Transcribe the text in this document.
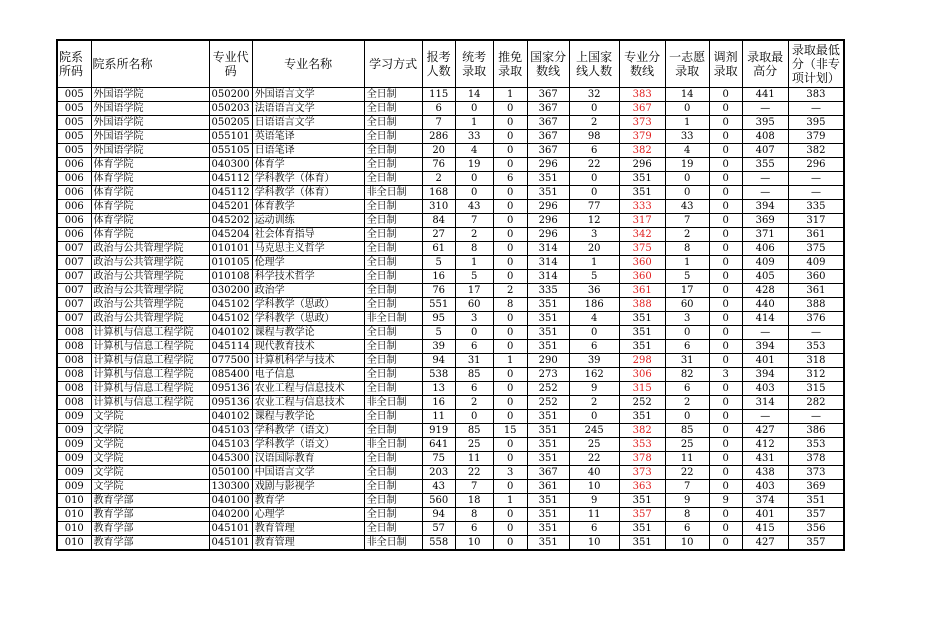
院系所码	院系所名称	专业代码	专业名称	学习方式	报考人数	统考录取	推免录取	国家分数线	上国家线人数	专业分数线	一志愿录取	调剂录取	录取最高分	录取最低分（非专项计划）
005	外国语学院	050200	外国语言文学	全日制	115	14	1	367	32	383	14	0	441	383
005	外国语学院	050203	法语语言文学	全日制	6	0	0	367	0	367	0	0	—	—
005	外国语学院	050205	日语语言文学	全日制	7	1	0	367	2	373	1	0	395	395
005	外国语学院	055101	英语笔译	全日制	286	33	0	367	98	379	33	0	408	379
005	外国语学院	055105	日语笔译	全日制	20	4	0	367	6	382	4	0	407	382
006	体育学院	040300	体育学	全日制	76	19	0	296	22	296	19	0	355	296
006	体育学院	045112	学科教学（体育）	全日制	2	0	6	351	0	351	0	0	—	—
006	体育学院	045112	学科教学（体育）	非全日制	168	0	0	351	0	351	0	0	—	—
006	体育学院	045201	体育教学	全日制	310	43	0	296	77	333	43	0	394	335
006	体育学院	045202	运动训练	全日制	84	7	0	296	12	317	7	0	369	317
006	体育学院	045204	社会体育指导	全日制	27	2	0	296	3	342	2	0	371	361
007	政治与公共管理学院	010101	马克思主义哲学	全日制	61	8	0	314	20	375	8	0	406	375
007	政治与公共管理学院	010105	伦理学	全日制	5	1	0	314	1	360	1	0	409	409
007	政治与公共管理学院	010108	科学技术哲学	全日制	16	5	0	314	5	360	5	0	405	360
007	政治与公共管理学院	030200	政治学	全日制	76	17	2	335	36	361	17	0	428	361
007	政治与公共管理学院	045102	学科教学（思政）	全日制	551	60	8	351	186	388	60	0	440	388
007	政治与公共管理学院	045102	学科教学（思政）	非全日制	95	3	0	351	4	351	3	0	414	376
008	计算机与信息工程学院	040102	课程与教学论	全日制	5	0	0	351	0	351	0	0	—	—
008	计算机与信息工程学院	045114	现代教育技术	全日制	39	6	0	351	6	351	6	0	394	353
008	计算机与信息工程学院	077500	计算机科学与技术	全日制	94	31	1	290	39	298	31	0	401	318
008	计算机与信息工程学院	085400	电子信息	全日制	538	85	0	273	162	306	82	3	394	312
008	计算机与信息工程学院	095136	农业工程与信息技术	全日制	13	6	0	252	9	315	6	0	403	315
008	计算机与信息工程学院	095136	农业工程与信息技术	非全日制	16	2	0	252	2	252	2	0	314	282
009	文学院	040102	课程与教学论	全日制	11	0	0	351	0	351	0	0	—	—
009	文学院	045103	学科教学（语文）	全日制	919	85	15	351	245	382	85	0	427	386
009	文学院	045103	学科教学（语文）	非全日制	641	25	0	351	25	353	25	0	412	353
009	文学院	045300	汉语国际教育	全日制	75	11	0	351	22	378	11	0	431	378
009	文学院	050100	中国语言文学	全日制	203	22	3	367	40	373	22	0	438	373
009	文学院	130300	戏剧与影视学	全日制	43	7	0	361	10	363	7	0	403	369
010	教育学部	040100	教育学	全日制	560	18	1	351	9	351	9	9	374	351
010	教育学部	040200	心理学	全日制	94	8	0	351	11	357	8	0	401	357
010	教育学部	045101	教育管理	全日制	57	6	0	351	6	351	6	0	415	356
010	教育学部	045101	教育管理	非全日制	558	10	0	351	10	351	10	0	427	357
